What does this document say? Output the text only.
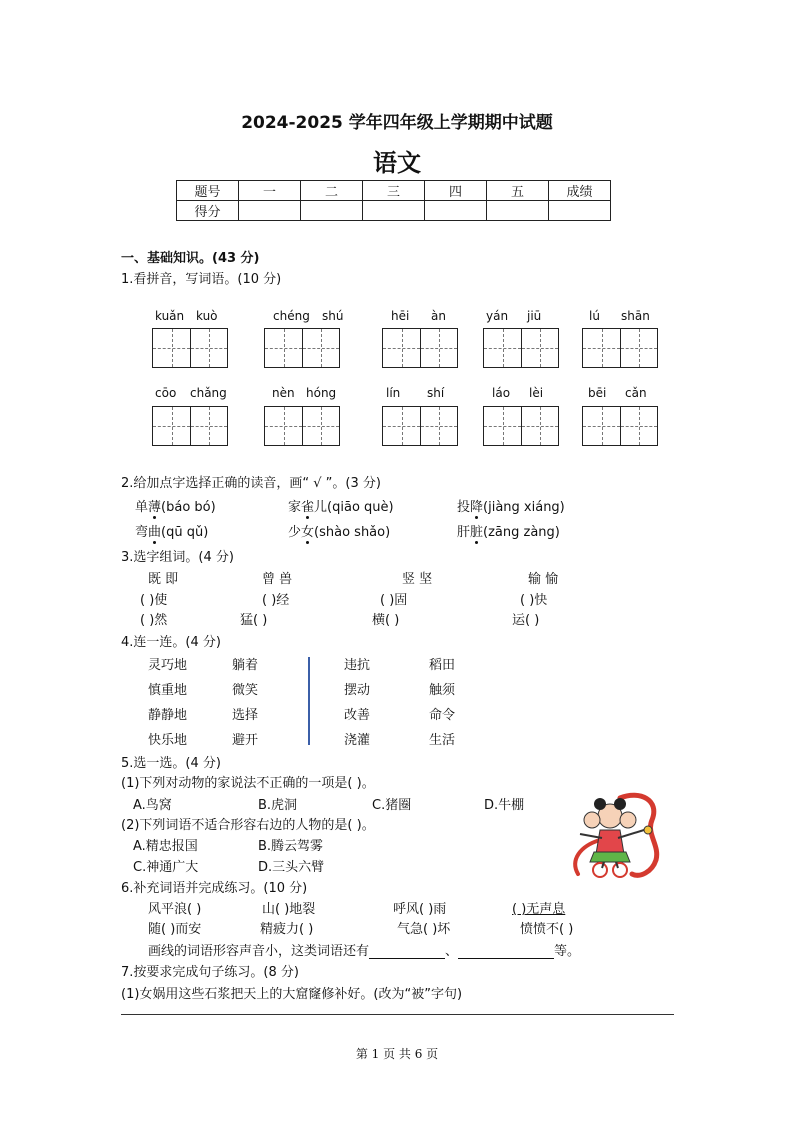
2024-2025 学年四年级上学期期中试题
语文
题号	一	二	三	四	五	成绩
得分						
一、基础知识。(43 分)
1.看拼音，写词语。(10 分)
kuǎn kuò	chéng shú	hēi àn	yán jiū	lú shān
cōo chǎng	nèn hóng	lín shí	láo lèi	bēi cǎn
2.给加点字选择正确的读音，画“ √ ”。(3 分)
单薄(báo bó)	家雀儿(qiāo què)	投降(jiàng xiáng)
弯曲(qū qǔ)	少女(shào shǎo)	肝脏(zāng zàng)
3.选字组词。(4 分)
既 即	曾 兽	竖 坚	输 愉
( )使	( )经	( )固	( )快
( )然	猛( )	横( )	运( )
4.连一连。(4 分)
灵巧地
慎重地
静静地
快乐地
躺着
微笑
选择
避开
违抗
摆动
改善
浇灌
稻田
触须
命令
生活
5.选一选。(4 分)
(1)下列对动物的家说法不正确的一项是( )。
A.鸟窝	B.虎洞	C.猪圈	D.牛棚
(2)下列词语不适合形容右边的人物的是( )。
A.精忠报国	B.腾云驾雾
C.神通广大	D.三头六臂
6.补充词语并完成练习。(10 分)
风平浪( )	山( )地裂	呼风( )雨	( )无声息
随( )而安	精疲力( )	气急( )坏	愤愤不( )
画线的词语形容声音小，这类词语还有	、	等。
7.按要求完成句子练习。(8 分)
(1)女娲用这些石浆把天上的大窟窿修补好。(改为“被”字句)
第 1 页 共 6 页
